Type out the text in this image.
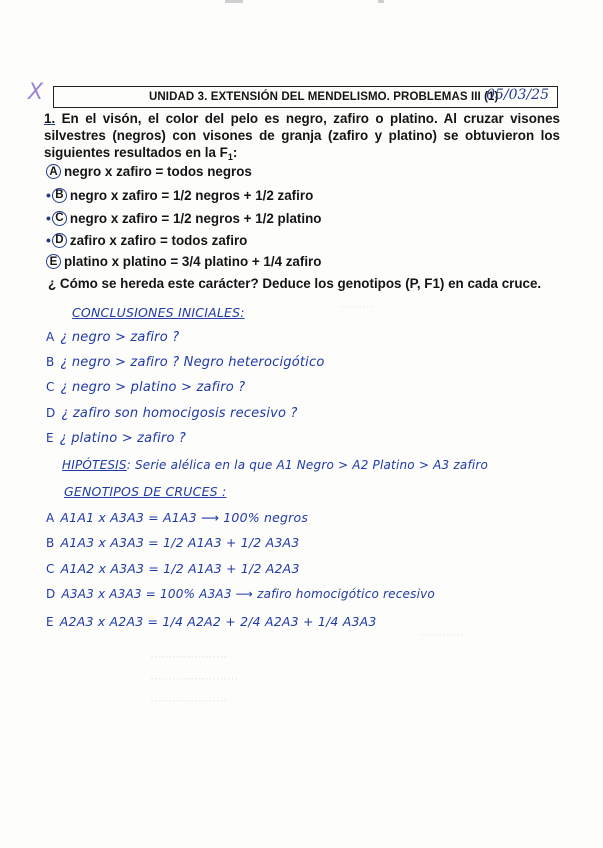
X	UNIDAD 3. EXTENSIÓN DEL MENDELISMO. PROBLEMAS III (1)
05/03/25
1. En el visón, el color del pelo es negro, zafiro o platino. Al cruzar visones silvestres (negros) con visones de granja (zafiro y platino) se obtuvieron los siguientes resultados en la $F_1$:
A negro x zafiro = todos negros
• B negro x zafiro = 1/2 negros + 1/2 zafiro
• C negro x zafiro = 1/2 negros + 1/2 platino
• D zafiro x zafiro = todos zafiro
E platino x platino = 3/4 platino + 1/4 zafiro
¿ Cómo se hereda este carácter? Deduce los genotipos (P, F1) en cada cruce.
⋯⋯⋯
CONCLUSIONES INICIALES:
A ¿ negro > zafiro ?
B ¿ negro > zafiro ? Negro heterocigótico
C ¿ negro > platino > zafiro ?
D ¿ zafiro son homocigosis recesivo ?
E ¿ platino > zafiro ?
HIPÓTESIS: Serie alélica en la que A1 Negro > A2 Platino > A3 zafiro
GENOTIPOS DE CRUCES :
A A1A1 x A3A3 = A1A3 ⟶ 100% negros
B A1A3 x A3A3 = 1/2 A1A3 + 1/2 A3A3
C A1A2 x A3A3 = 1/2 A1A3 + 1/2 A2A3
D A3A3 x A3A3 = 100% A3A3 ⟶ zafiro homocigótico recesivo
E A2A3 x A2A3 = 1/4 A2A2 + 2/4 A2A3 + 1/4 A3A3
⋯⋯⋯⋯
⋯⋯⋯⋯⋯⋯⋯
⋯⋯⋯⋯⋯⋯⋯⋯
⋯⋯⋯⋯⋯⋯⋯
